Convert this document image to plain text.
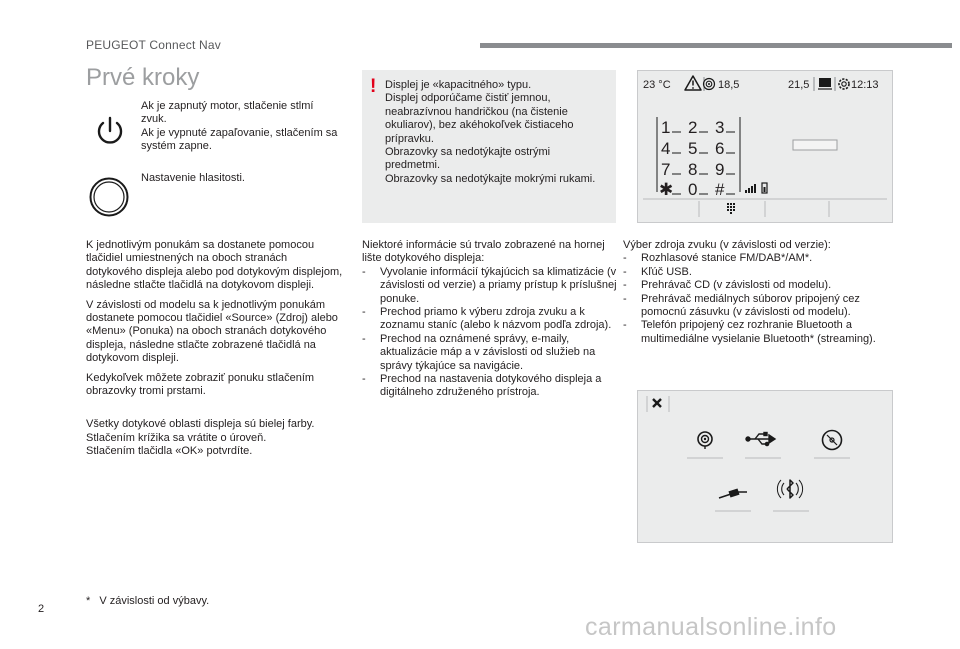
PEUGEOT Connect Nav
Prvé kroky
Ak je zapnutý motor, stlačenie stlmí zvuk.
Ak je vypnuté zapaľovanie, stlačením sa systém zapne.
Nastavenie hlasitosti.

K jednotlivým ponukám sa dostanete pomocou tlačidiel umiestnených na oboch stranách dotykového displeja alebo pod dotykovým displejom, následne stlačte tlačidlá na dotykovom displeji.

V závislosti od modelu sa k jednotlivým ponukám dostanete pomocou tlačidiel «Source» (Zdroj) alebo «Menu» (Ponuka) na oboch stranách dotykového displeja, následne stlačte zobrazené tlačidlá na dotykovom displeji.

Kedykoľvek môžete zobraziť ponuku stlačením obrazovky tromi prstami.

Všetky dotykové oblasti displeja sú bielej farby.

Stlačením krížika sa vrátite o úroveň.

Stlačením tlačidla «OK» potvrdíte.

* V závislosti od výbavy.
! Displej je «kapacitného» typu.
Displej odporúčame čistiť jemnou, neabrazívnou handričkou (na čistenie okuliarov), bez akéhokoľvek čistiaceho prípravku.
Obrazovky sa nedotýkajte ostrými predmetmi.
Obrazovky sa nedotýkajte mokrými rukami.
Niektoré informácie sú trvalo zobrazené na hornej lište dotykového displeja:
- Vyvolanie informácií týkajúcich sa klimatizácie (v závislosti od verzie) a priamy prístup k príslušnej ponuke.
- Prechod priamo k výberu zdroja zvuku a k zoznamu staníc (alebo k názvom podľa zdroja).
- Prechod na oznámené správy, e-maily, aktualizácie máp a v závislosti od služieb na správy týkajúce sa navigácie.
- Prechod na nastavenia dotykového displeja a digitálneho združeného prístroja.
23 °C	18,5	21,5	12:13
1 2 3
4 5 6
7 8 9
✱ 0 #
Výber zdroja zvuku (v závislosti od verzie):
- Rozhlasové stanice FM/DAB*/AM*.
- Kľúč USB.
- Prehrávač CD (v závislosti od modelu).
- Prehrávač mediálnych súborov pripojený cez pomocnú zásuvku (v závislosti od modelu).
- Telefón pripojený cez rozhranie Bluetooth a multimediálne vysielanie Bluetooth* (streaming).
2
carmanualsonline.info
